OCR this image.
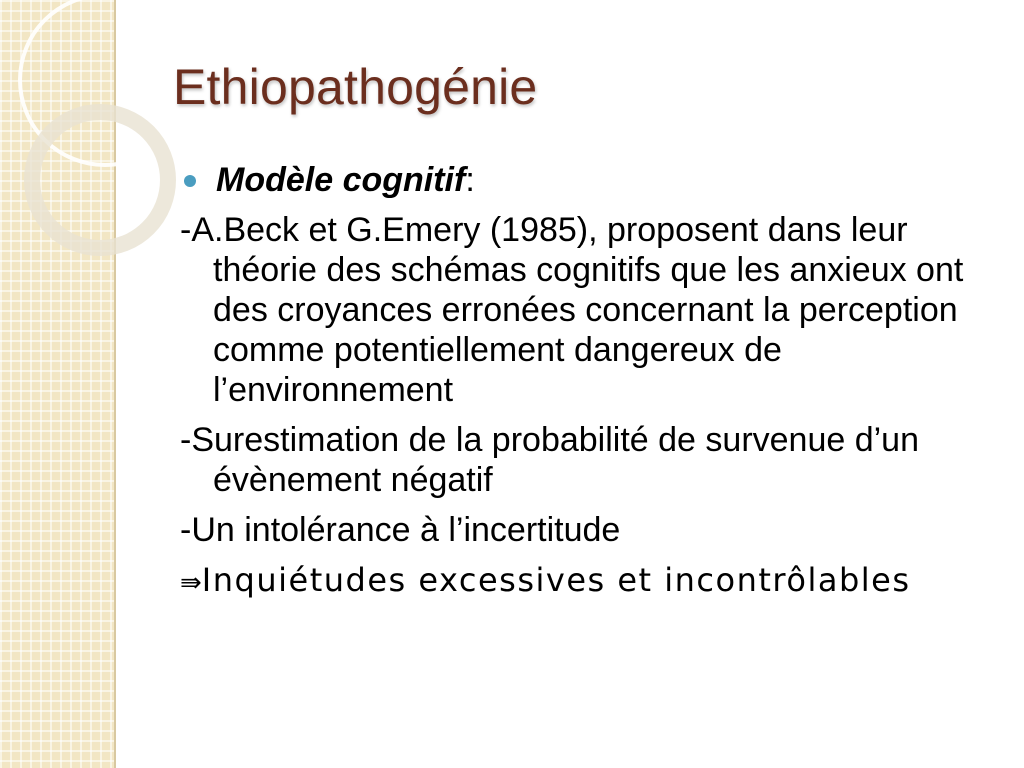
Ethiopathogénie
Modèle cognitif:

-A.Beck et G.Emery (1985), proposent dans leur théorie des schémas cognitifs que les anxieux ont des croyances erronées concernant la perception comme potentiellement dangereux de l’environnement

-Surestimation de la probabilité de survenue d’un évènement négatif

-Un intolérance à l’incertitude

⇛Inquiétudes excessives et incontrôlables
